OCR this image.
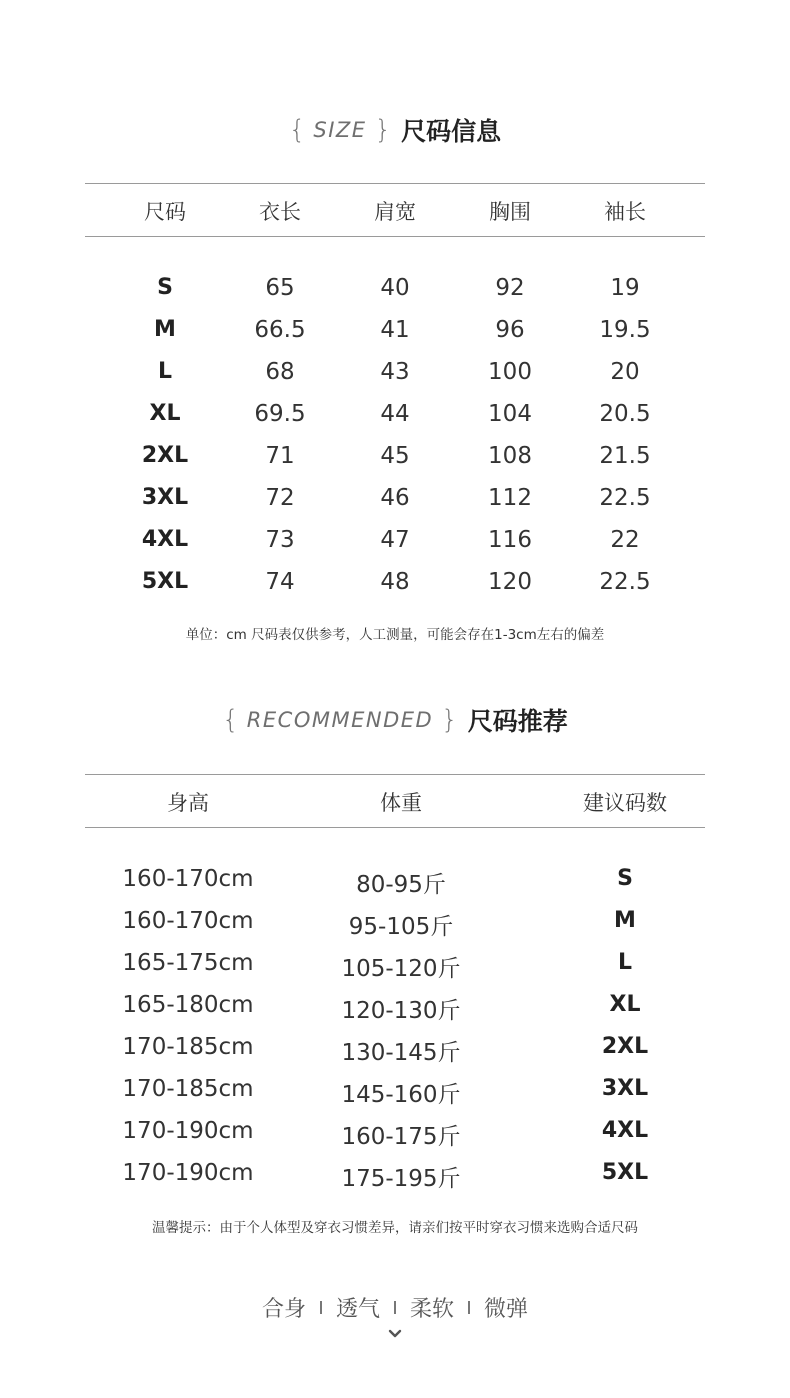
{ SIZE } 尺码信息
尺码	衣长	肩宽	胸围	袖长
S	65	40	92	19
M	66.5	41	96	19.5
L	68	43	100	20
XL	69.5	44	104	20.5
2XL	71	45	108	21.5
3XL	72	46	112	22.5
4XL	73	47	116	22
5XL	74	48	120	22.5
单位：cm 尺码表仅供参考，人工测量，可能会存在1-3cm左右的偏差
{ RECOMMENDED } 尺码推荐
身高	体重	建议码数
160-170cm	80-95斤	S
160-170cm	95-105斤	M
165-175cm	105-120斤	L
165-180cm	120-130斤	XL
170-185cm	130-145斤	2XL
170-185cm	145-160斤	3XL
170-190cm	160-175斤	4XL
170-190cm	175-195斤	5XL
温馨提示：由于个人体型及穿衣习惯差异，请亲们按平时穿衣习惯来选购合适尺码
合身 透气 柔软 微弹
